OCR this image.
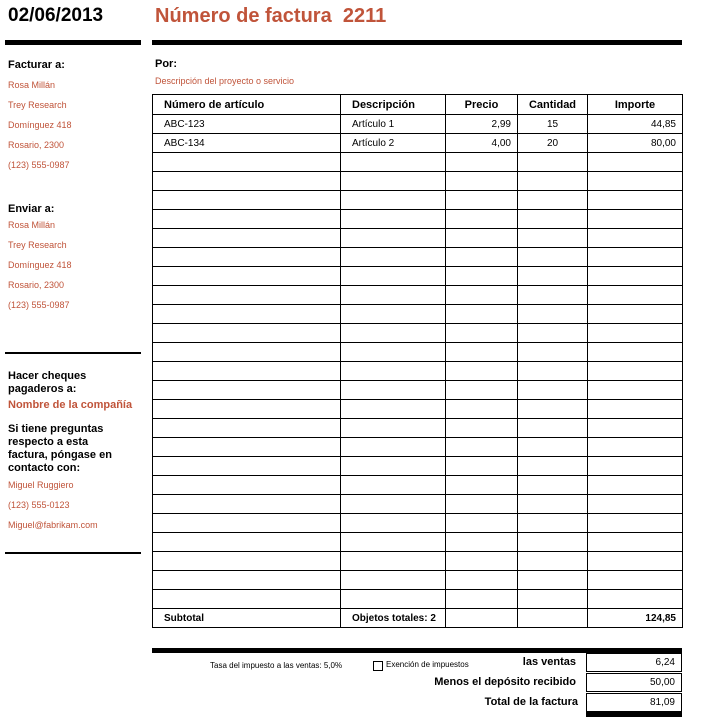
02/06/2013	Número de factura  2211
Facturar a:
Rosa Millán
Trey Research
Domínguez 418
Rosario, 2300
(123) 555-0987
Enviar a:
Rosa Millán
Trey Research
Domínguez 418
Rosario, 2300
(123) 555-0987
Hacer cheques pagaderos a:
Nombre de la compañía
Si tiene preguntas respecto a esta factura, póngase en contacto con:
Miguel Ruggiero
(123) 555-0123
Miguel@fabrikam.com
Por:
Descripción del proyecto o servicio
Número de artículo	Descripción	Precio	Cantidad	Importe
ABC-123	Artículo 1	2,99	15	44,85
ABC-134	Artículo 2	4,00	20	80,00

Subtotal	Objetos totales: 2			124,85
Tasa del impuesto a las ventas: 5,0%	Exención de impuestos	las ventas	6,24
Menos el depósito recibido	50,00
Total de la factura	81,09
